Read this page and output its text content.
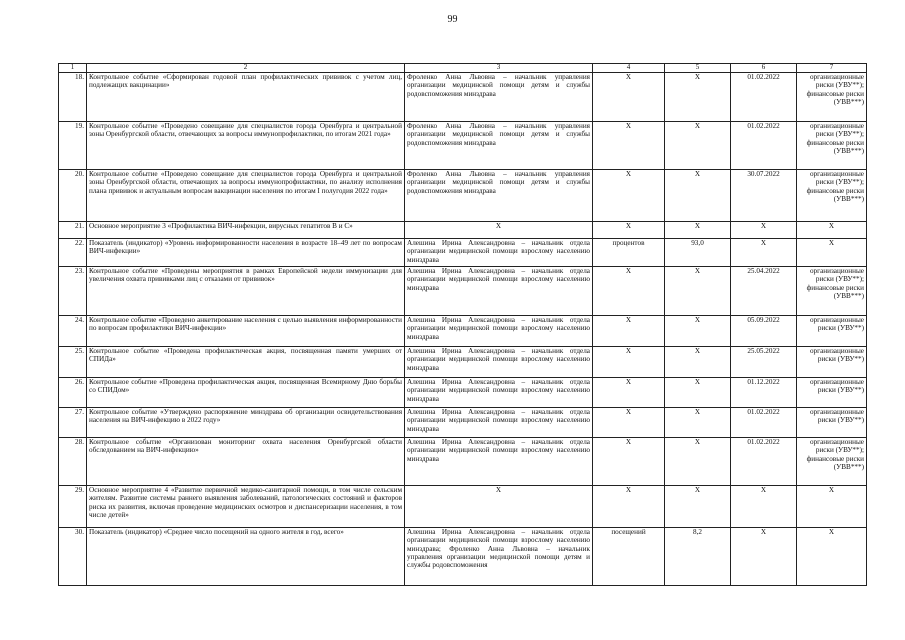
99
1	2	3	4	5	6	7
18.	Контрольное событие «Сформирован годовой план профилактических прививок с учетом лиц, подлежащих вакцинации»	Фроленко Анна Львовна – начальник управления организации медицинской помощи детям и службы родовспоможения минздрава	X	X	01.02.2022	организационные риски (УВУ**); финансовые риски (УВВ***)
19.	Контрольное событие «Проведено совещание для специалистов города Оренбурга и центральной зоны Оренбургской области, отвечающих за вопросы иммунопрофилактики, по итогам 2021 года»	Фроленко Анна Львовна – начальник управления организации медицинской помощи детям и службы родовспоможения минздрава	X	X	01.02.2022	организационные риски (УВУ**); финансовые риски (УВВ***)
20.	Контрольное событие «Проведено совещание для специалистов города Оренбурга и центральной зоны Оренбургской области, отвечающих за вопросы иммунопрофилактики, по анализу исполнения плана прививок и актуальным вопросам вакцинации населения по итогам I полугодия 2022 года»	Фроленко Анна Львовна – начальник управления организации медицинской помощи детям и службы родовспоможения минздрава	X	X	30.07.2022	организационные риски (УВУ**); финансовые риски (УВВ***)
21.	Основное мероприятие 3 «Профилактика ВИЧ-инфекции, вирусных гепатитов B и C»	X	X	X	X	X
22.	Показатель (индикатор) «Уровень информированности населения в возрасте 18–49 лет по вопросам ВИЧ-инфекции»	Алешина Ирина Александровна – начальник отдела организации медицинской помощи взрослому населению минздрава	процентов	93,0	X	X
23.	Контрольное событие «Проведены мероприятия в рамках Европейской недели иммунизации для увеличения охвата прививками лиц с отказами от прививок»	Алешина Ирина Александровна – начальник отдела организации медицинской помощи взрослому населению минздрава	X	X	25.04.2022	организационные риски (УВУ**); финансовые риски (УВВ***)
24.	Контрольное событие «Проведено анкетирование населения с целью выявления информированности по вопросам профилактики ВИЧ-инфекции»	Алешина Ирина Александровна – начальник отдела организации медицинской помощи взрослому населению минздрава	X	X	05.09.2022	организационные риски (УВУ**)
25.	Контрольное событие «Проведена профилактическая акция, посвященная памяти умерших от СПИДа»	Алешина Ирина Александровна – начальник отдела организации медицинской помощи взрослому населению минздрава	X	X	25.05.2022	организационные риски (УВУ**)
26.	Контрольное событие «Проведена профилактическая акция, посвященная Всемирному Дню борьбы со СПИДом»	Алешина Ирина Александровна – начальник отдела организации медицинской помощи взрослому населению минздрава	X	X	01.12.2022	организационные риски (УВУ**)
27.	Контрольное событие «Утверждено распоряжение минздрава об организации освидетельствования населения на ВИЧ-инфекцию в 2022 году»	Алешина Ирина Александровна – начальник отдела организации медицинской помощи взрослому населению минздрава	X	X	01.02.2022	организационные риски (УВУ**)
28.	Контрольное событие «Организован мониторинг охвата населения Оренбургской области обследованием на ВИЧ-инфекцию»	Алешина Ирина Александровна – начальник отдела организации медицинской помощи взрослому населению минздрава	X	X	01.02.2022	организационные риски (УВУ**); финансовые риски (УВВ***)
29.	Основное мероприятие 4 «Развитие первичной медико-санитарной помощи, в том числе сельским жителям. Развитие системы раннего выявления заболеваний, патологических состояний и факторов риска их развития, включая проведение медицинских осмотров и диспансеризации населения, в том числе детей»	X	X	X	X	X
30.	Показатель (индикатор) «Среднее число посещений на одного жителя в год, всего»	Алешина Ирина Александровна – начальник отдела организации медицинской помощи взрослому населению минздрава; Фроленко Анна Львовна – начальник управления организации медицинской помощи детям и службы родовспоможения	посещений	8,2	X	X
